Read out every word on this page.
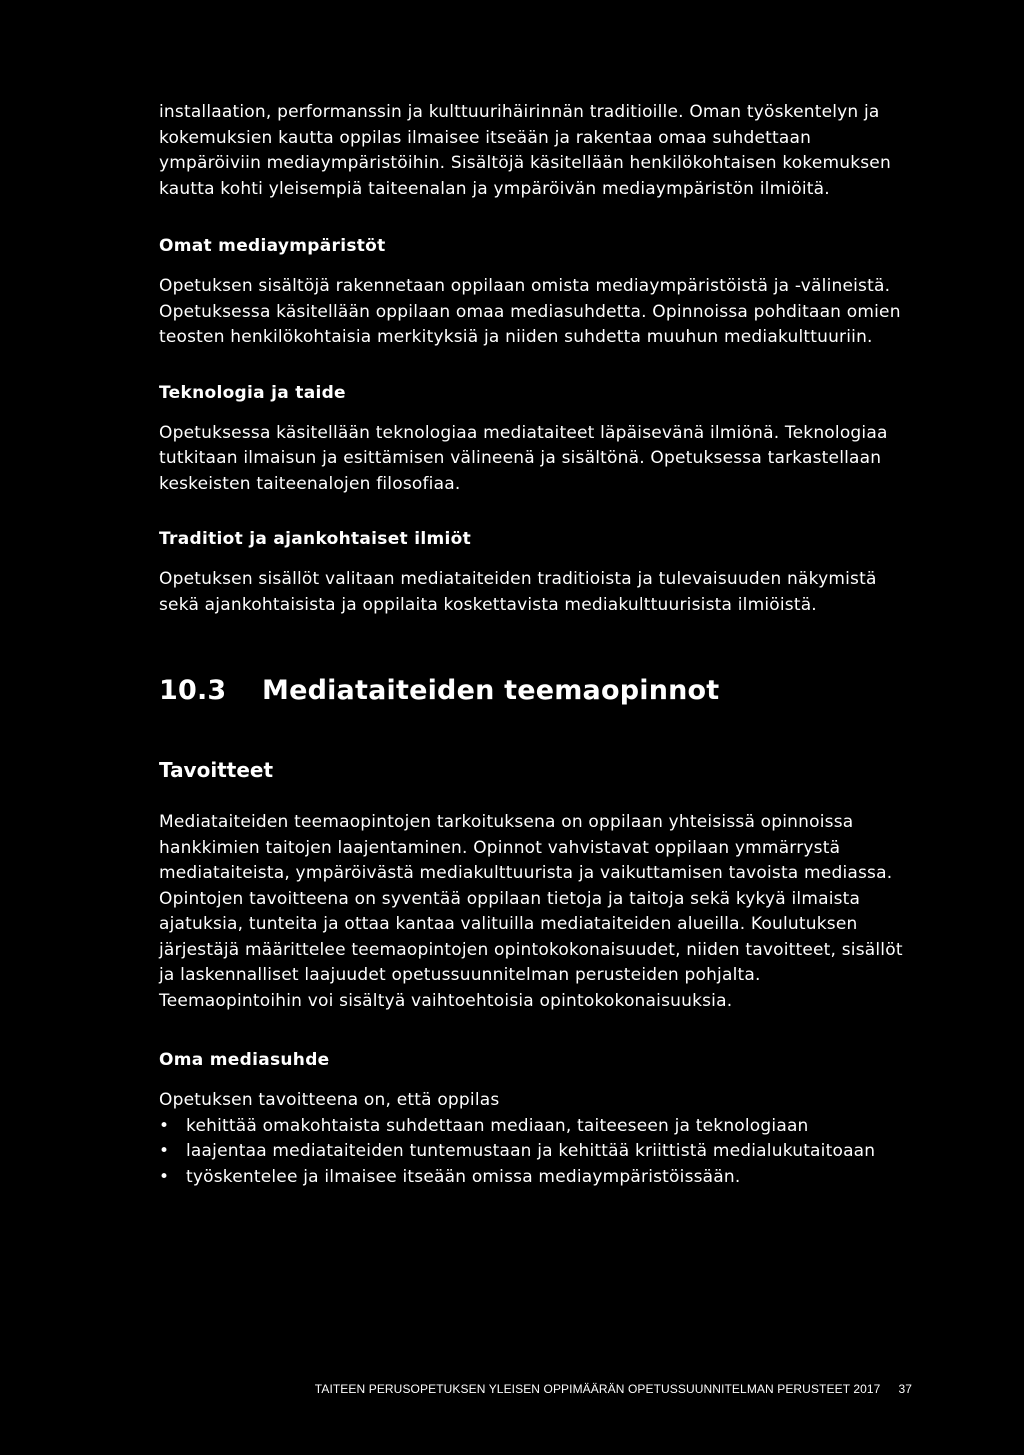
installaation, performanssin ja kulttuurihäirinnän traditioille. Oman työskentelyn ja kokemuksien kautta oppilas ilmaisee itseään ja rakentaa omaa suhdettaan ympäröiviin mediaympäristöihin. Sisältöjä käsitellään henkilökohtaisen kokemuksen kautta kohti yleisempiä taiteenalan ja ympäröivän mediaympäristön ilmiöitä.

Omat mediaympäristöt

Opetuksen sisältöjä rakennetaan oppilaan omista mediaympäristöistä ja -välineistä. Opetuksessa käsitellään oppilaan omaa mediasuhdetta. Opinnoissa pohditaan omien teosten henkilökohtaisia merkityksiä ja niiden suhdetta muuhun mediakulttuuriin.

Teknologia ja taide

Opetuksessa käsitellään teknologiaa mediataiteet läpäisevänä ilmiönä. Teknologiaa tutkitaan ilmaisun ja esittämisen välineenä ja sisältönä. Opetuksessa tarkastellaan keskeisten taiteenalojen filosofiaa.

Traditiot ja ajankohtaiset ilmiöt

Opetuksen sisällöt valitaan mediataiteiden traditioista ja tulevaisuuden näkymistä sekä ajankohtaisista ja oppilaita koskettavista mediakulttuurisista ilmiöistä.

10.3	Mediataiteiden teemaopinnot
Tavoitteet

Mediataiteiden teemaopintojen tarkoituksena on oppilaan yhteisissä opinnoissa hankkimien taitojen laajentaminen. Opinnot vahvistavat oppilaan ymmärrystä mediataiteista, ympäröivästä mediakulttuurista ja vaikuttamisen tavoista mediassa. Opintojen tavoitteena on syventää oppilaan tietoja ja taitoja sekä kykyä ilmaista ajatuksia, tunteita ja ottaa kantaa valituilla mediataiteiden alueilla. Koulutuksen järjestäjä määrittelee teemaopintojen opintokokonaisuudet, niiden tavoitteet, sisällöt ja laskennalliset laajuudet opetussuunnitelman perusteiden pohjalta. Teemaopintoihin voi sisältyä vaihtoehtoisia opintokokonaisuuksia.

Oma mediasuhde

Opetuksen tavoitteena on, että oppilas

• kehittää omakohtaista suhdettaan mediaan, taiteeseen ja teknologiaan
• laajentaa mediataiteiden tuntemustaan ja kehittää kriittistä medialukutaitoaan
• työskentelee ja ilmaisee itseään omissa mediaympäristöissään.
TAITEEN PERUSOPETUKSEN YLEISEN OPPIMÄÄRÄN OPETUSSUUNNITELMAN PERUSTEET 2017 37
